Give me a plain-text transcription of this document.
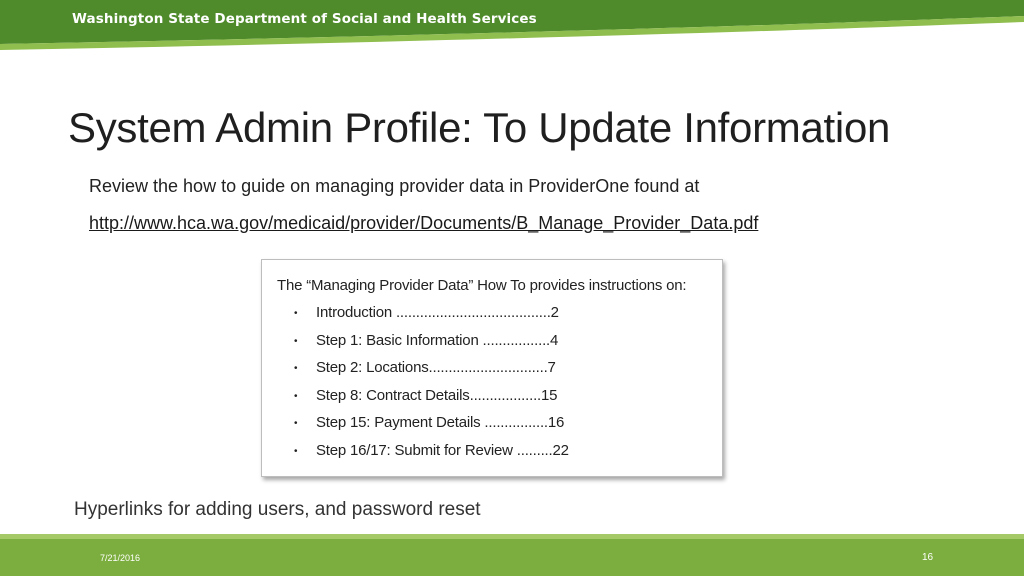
Washington State Department of Social and Health Services
System Admin Profile: To Update Information
Review the how to guide on managing provider data in ProviderOne found at
http://www.hca.wa.gov/medicaid/provider/Documents/B_Manage_Provider_Data.pdf
The “Managing Provider Data” How To provides instructions on:
• Introduction .......................................2
• Step 1: Basic Information .................4
• Step 2: Locations..............................7
• Step 8: Contract Details..................15
• Step 15: Payment Details ................16
• Step 16/17: Submit for Review .........22
Hyperlinks for adding users, and password reset
7/21/2016	16
